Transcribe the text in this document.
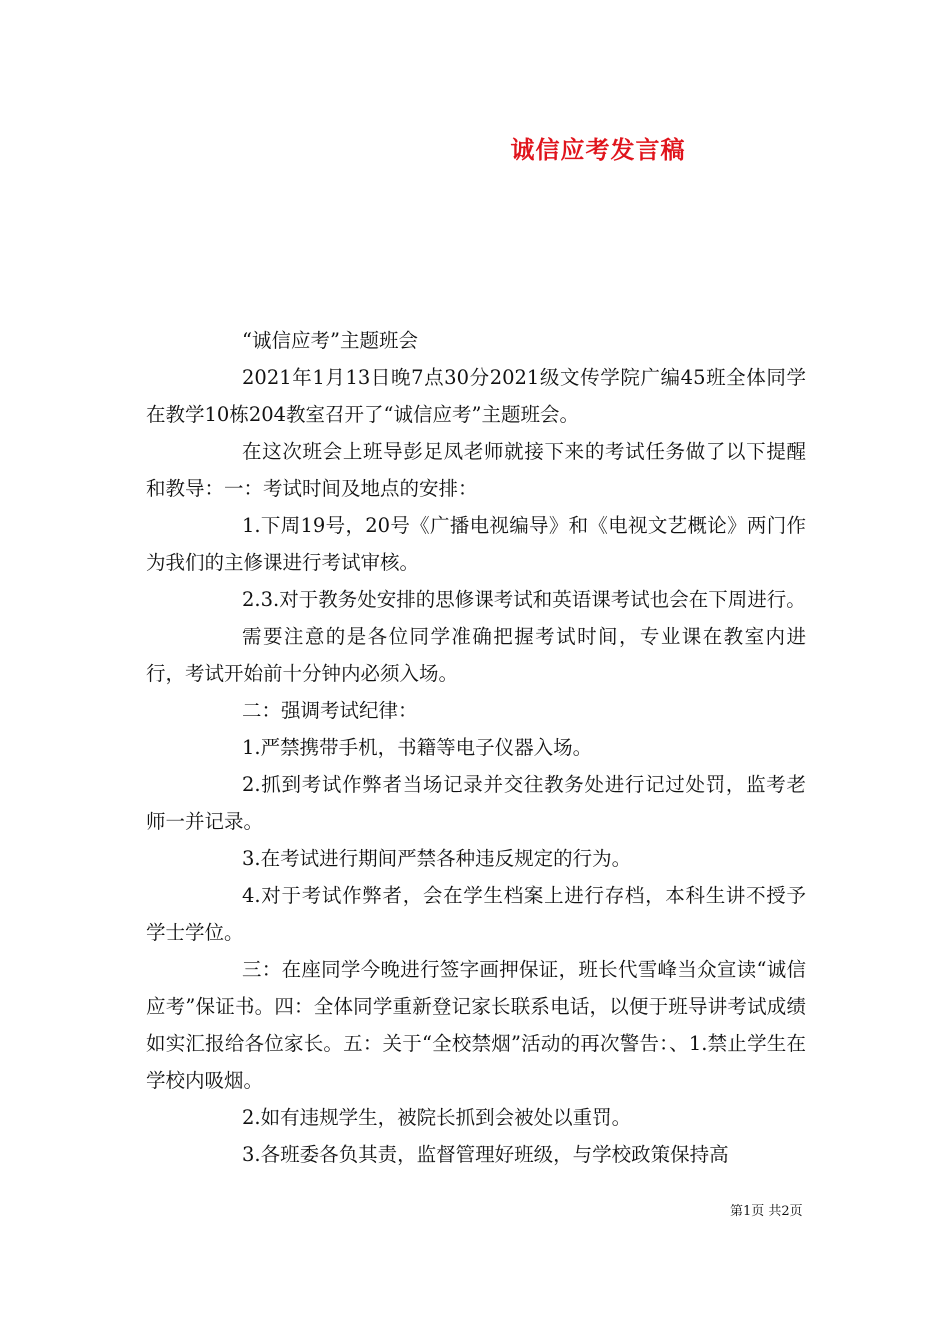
诚信应考发言稿

“诚信应考”主题班会

2021年1月13日晚7点30分2021级文传学院广编45班全体同学在教学10栋204教室召开了“诚信应考”主题班会。

在这次班会上班导彭足凤老师就接下来的考试任务做了以下提醒和教导：一：考试时间及地点的安排：

1.下周19号，20号《广播电视编导》和《电视文艺概论》两门作为我们的主修课进行考试审核。

2.3.对于教务处安排的思修课考试和英语课考试也会在下周进行。

需要注意的是各位同学准确把握考试时间，专业课在教室内进行，考试开始前十分钟内必须入场。

二：强调考试纪律：

1.严禁携带手机，书籍等电子仪器入场。

2.抓到考试作弊者当场记录并交往教务处进行记过处罚，监考老师一并记录。

3.在考试进行期间严禁各种违反规定的行为。

4.对于考试作弊者，会在学生档案上进行存档，本科生讲不授予学士学位。

三：在座同学今晚进行签字画押保证，班长代雪峰当众宣读“诚信应考”保证书。四：全体同学重新登记家长联系电话，以便于班导讲考试成绩如实汇报给各位家长。五：关于“全校禁烟”活动的再次警告：、1.禁止学生在学校内吸烟。

2.如有违规学生，被院长抓到会被处以重罚。

3.各班委各负其责，监督管理好班级，与学校政策保持高

第1页 共2页
